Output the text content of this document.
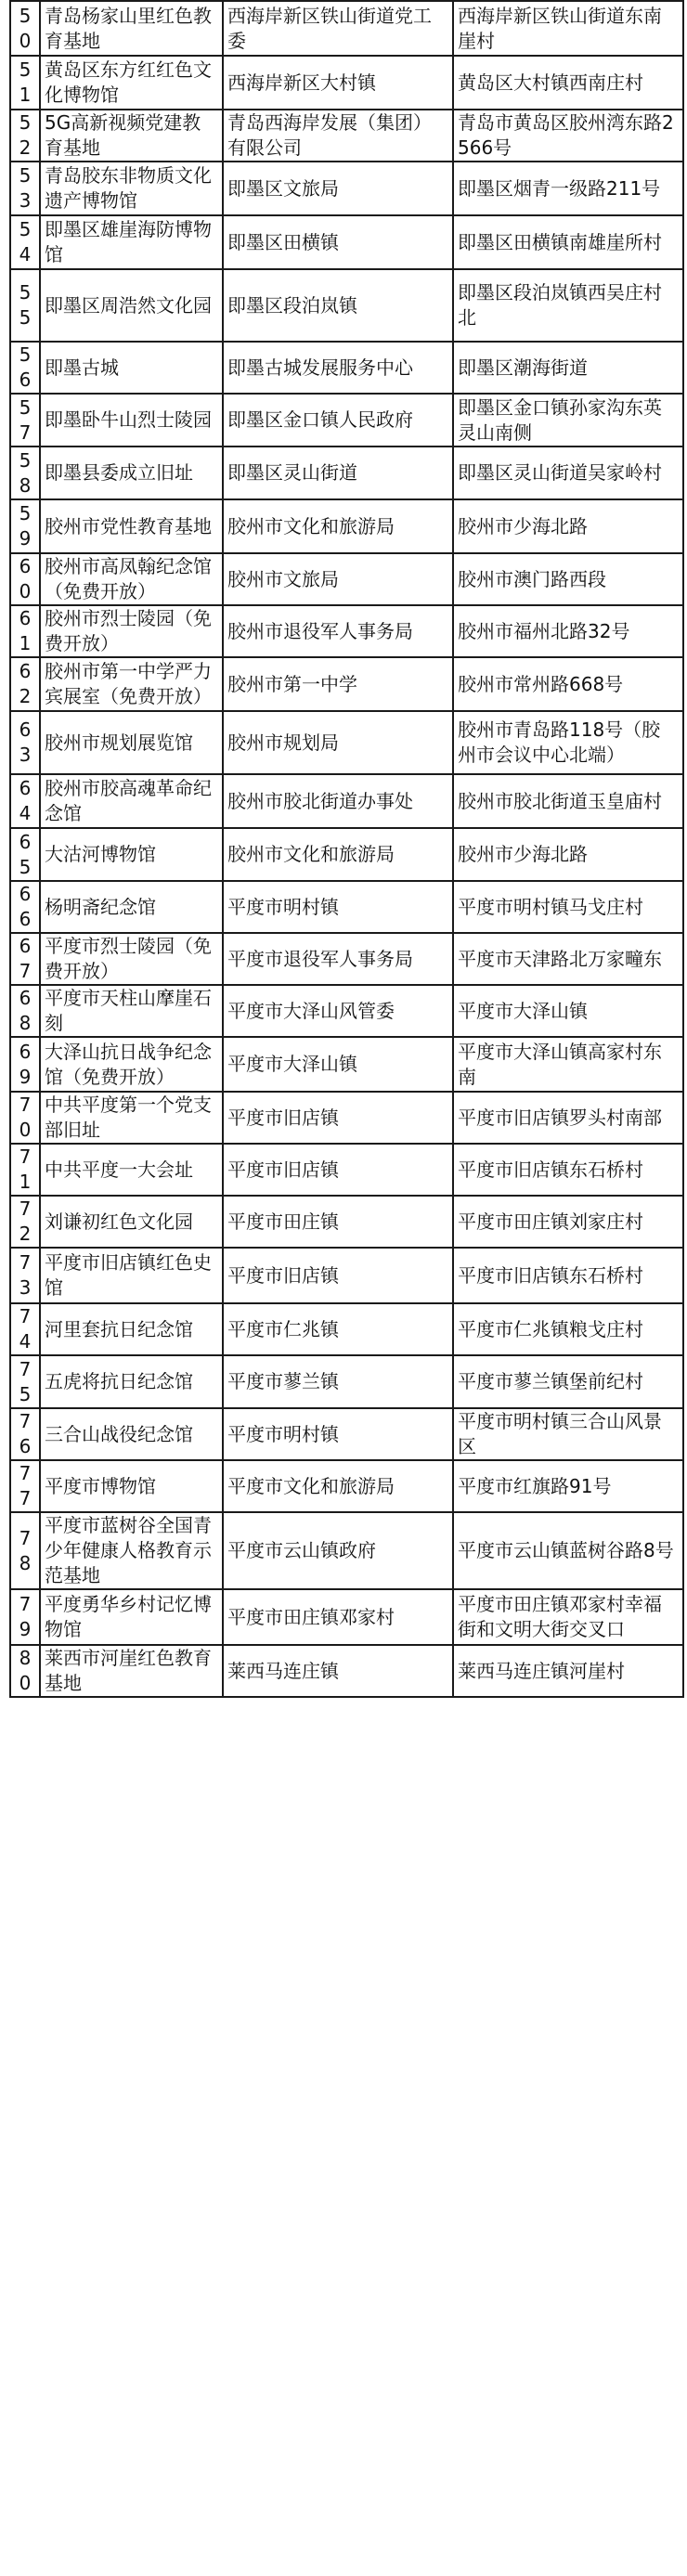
50	青岛杨家山里红色教育基地	西海岸新区铁山街道党工委	西海岸新区铁山街道东南崖村
51	黄岛区东方红红色文化博物馆	西海岸新区大村镇	黄岛区大村镇西南庄村
52	5G高新视频党建教育基地	青岛西海岸发展（集团）有限公司	青岛市黄岛区胶州湾东路2566号
53	青岛胶东非物质文化遗产博物馆	即墨区文旅局	即墨区烟青一级路211号
54	即墨区雄崖海防博物馆	即墨区田横镇	即墨区田横镇南雄崖所村
55	即墨区周浩然文化园	即墨区段泊岚镇	即墨区段泊岚镇西吴庄村北
56	即墨古城	即墨古城发展服务中心	即墨区潮海街道
57	即墨卧牛山烈士陵园	即墨区金口镇人民政府	即墨区金口镇孙家沟东英灵山南侧
58	即墨县委成立旧址	即墨区灵山街道	即墨区灵山街道吴家岭村
59	胶州市党性教育基地	胶州市文化和旅游局	胶州市少海北路
60	胶州市高凤翰纪念馆（免费开放）	胶州市文旅局	胶州市澳门路西段
61	胶州市烈士陵园（免费开放）	胶州市退役军人事务局	胶州市福州北路32号
62	胶州市第一中学严力宾展室（免费开放）	胶州市第一中学	胶州市常州路668号
63	胶州市规划展览馆	胶州市规划局	胶州市青岛路118号（胶州市会议中心北端）
64	胶州市胶高魂革命纪念馆	胶州市胶北街道办事处	胶州市胶北街道玉皇庙村
65	大沽河博物馆	胶州市文化和旅游局	胶州市少海北路
66	杨明斋纪念馆	平度市明村镇	平度市明村镇马戈庄村
67	平度市烈士陵园（免费开放）	平度市退役军人事务局	平度市天津路北万家疃东
68	平度市天柱山摩崖石刻	平度市大泽山风管委	平度市大泽山镇
69	大泽山抗日战争纪念馆（免费开放）	平度市大泽山镇	平度市大泽山镇高家村东南
70	中共平度第一个党支部旧址	平度市旧店镇	平度市旧店镇罗头村南部
71	中共平度一大会址	平度市旧店镇	平度市旧店镇东石桥村
72	刘谦初红色文化园	平度市田庄镇	平度市田庄镇刘家庄村
73	平度市旧店镇红色史馆	平度市旧店镇	平度市旧店镇东石桥村
74	河里套抗日纪念馆	平度市仁兆镇	平度市仁兆镇粮戈庄村
75	五虎将抗日纪念馆	平度市蓼兰镇	平度市蓼兰镇堡前纪村
76	三合山战役纪念馆	平度市明村镇	平度市明村镇三合山风景区
77	平度市博物馆	平度市文化和旅游局	平度市红旗路91号
78	平度市蓝树谷全国青少年健康人格教育示范基地	平度市云山镇政府	平度市云山镇蓝树谷路8号
79	平度勇华乡村记忆博物馆	平度市田庄镇邓家村	平度市田庄镇邓家村幸福街和文明大街交叉口
80	莱西市河崖红色教育基地	莱西马连庄镇	莱西马连庄镇河崖村
